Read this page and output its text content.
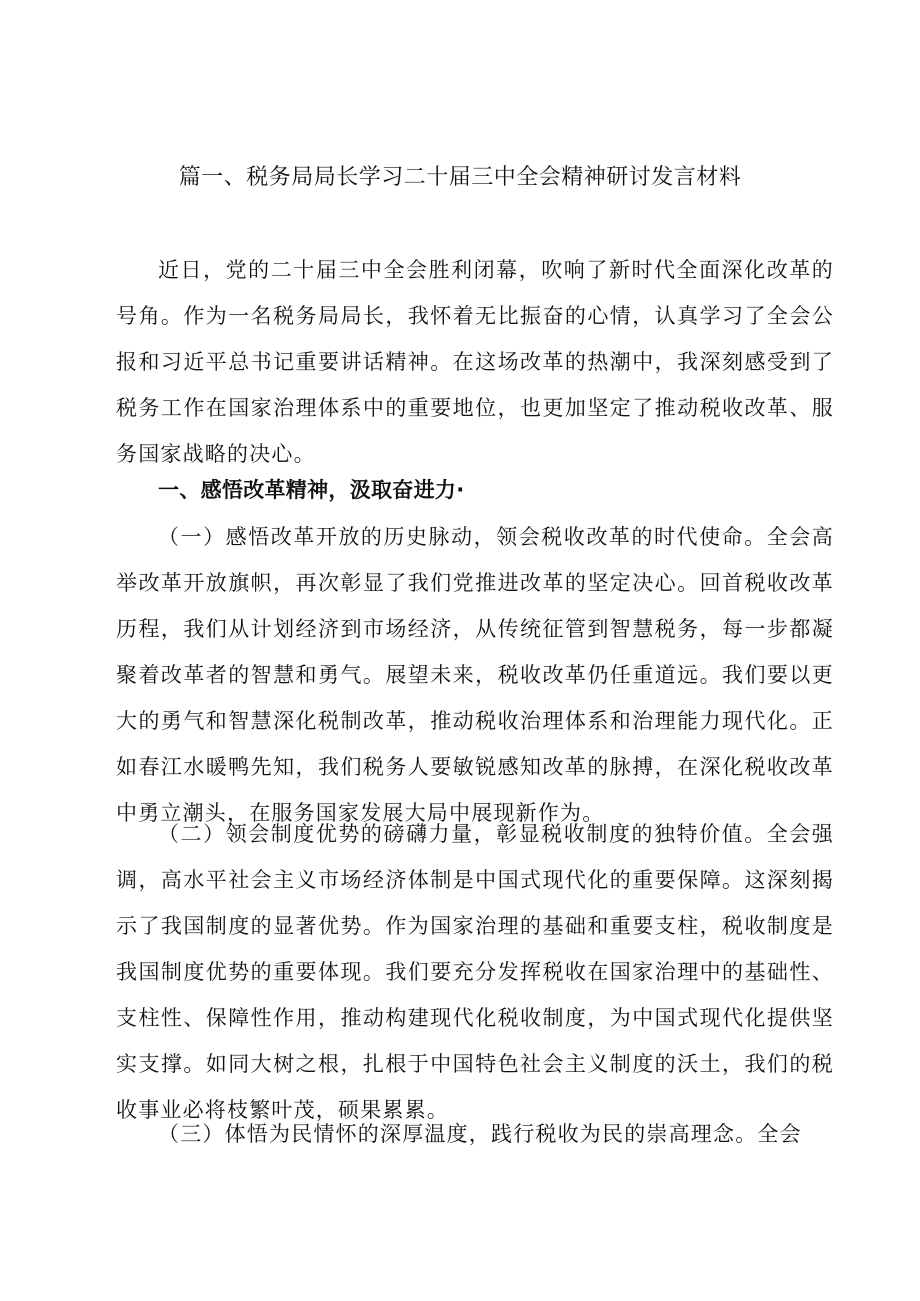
篇一、税务局局长学习二十届三中全会精神研讨发言材料

近日，党的二十届三中全会胜利闭幕，吹响了新时代全面深化改革的号角。作为一名税务局局长，我怀着无比振奋的心情，认真学习了全会公报和习近平总书记重要讲话精神。在这场改革的热潮中，我深刻感受到了税务工作在国家治理体系中的重要地位，也更加坚定了推动税收改革、服务国家战略的决心。

一、感悟改革精神，汲取奋进力·

（一）感悟改革开放的历史脉动，领会税收改革的时代使命。全会高举改革开放旗帜，再次彰显了我们党推进改革的坚定决心。回首税收改革历程，我们从计划经济到市场经济，从传统征管到智慧税务，每一步都凝聚着改革者的智慧和勇气。展望未来，税收改革仍任重道远。我们要以更大的勇气和智慧深化税制改革，推动税收治理体系和治理能力现代化。正如春江水暖鸭先知，我们税务人要敏锐感知改革的脉搏，在深化税收改革中勇立潮头，在服务国家发展大局中展现新作为。

（二）领会制度优势的磅礴力量，彰显税收制度的独特价值。全会强调，高水平社会主义市场经济体制是中国式现代化的重要保障。这深刻揭示了我国制度的显著优势。作为国家治理的基础和重要支柱，税收制度是我国制度优势的重要体现。我们要充分发挥税收在国家治理中的基础性、支柱性、保障性作用，推动构建现代化税收制度，为中国式现代化提供坚实支撑。如同大树之根，扎根于中国特色社会主义制度的沃土，我们的税收事业必将枝繁叶茂，硕果累累。

（三）体悟为民情怀的深厚温度，践行税收为民的崇高理念。全会
